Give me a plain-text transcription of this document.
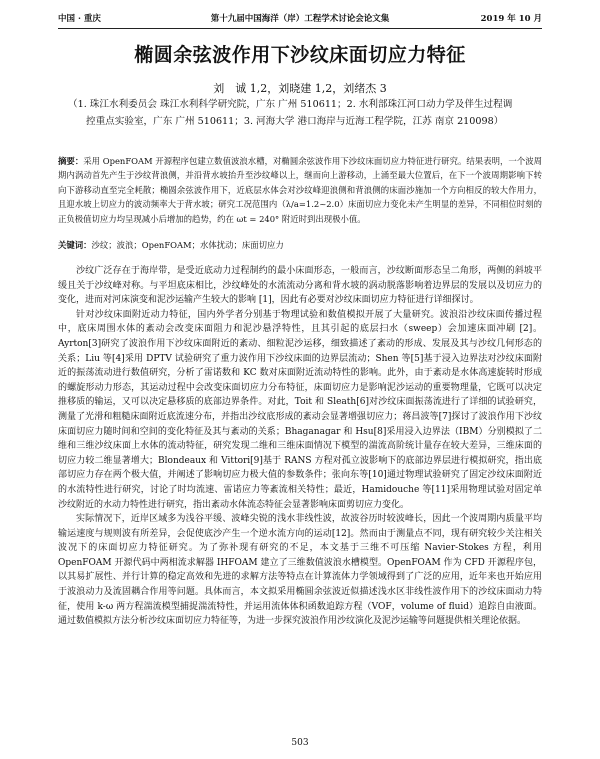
中国 · 重庆	第十九届中国海洋（岸）工程学术讨论会论文集	2019 年 10 月
椭圆余弦波作用下沙纹床面切应力特征
刘　诚 1,2，刘晓建 1,2，刘绪杰 3
（1. 珠江水利委员会 珠江水利科学研究院，广东 广州 510611；2. 水利部珠江河口动力学及伴生过程调
控重点实验室，广东 广州 510611；3. 河海大学 港口海岸与近海工程学院，江苏 南京 210098）
摘要：采用 OpenFOAM 开源程序包建立数值波浪水槽，对椭圆余弦波作用下沙纹床面切应力特征进行研究。结果表明，一个波周期内涡动首先产生于沙纹背浪侧，并沿背水坡抬升至沙纹峰以上，继而向上游移动，上涌至最大位置后，在下一个波周期影响下转向下游移动直至完全耗散；椭圆余弦波作用下，近底层水体会对沙纹峰迎浪侧和背浪侧的床面沙施加一个方向相反的较大作用力，且迎水坡上切应力的波动频率大于背水坡；研究工况范围内（λ/a=1.2~2.0）床面切应力变化未产生明显的差异，不同相位时刻的正负极值切应力均呈现减小后增加的趋势，约在 ωt = 240° 附近时到出现极小值。
关键词：沙纹；波浪；OpenFOAM；水体扰动；床面切应力

沙纹广泛存在于海岸带，是受近底动力过程制约的最小床面形态，一般而言，沙纹断面形态呈二角形，两侧的斜坡平缓且关于沙纹峰对称。与平坦底床相比，沙纹峰处的水流流动分离和背水坡的涡动脱落影响着边界层的发展以及切应力的变化，进而对河床演变和泥沙运输产生较大的影响 [1]，因此有必要对沙纹床面切应力特征进行详细探讨。

针对沙纹床面附近动力特征，国内外学者分别基于物理试验和数值模拟开展了大量研究。波浪沿沙纹床面传播过程中，底床周围水体的紊动会改变床面阻力和泥沙悬浮特性，且其引起的底层扫水（sweep）会加速床面冲刷 [2]。Ayrton[3]研究了波浪作用下沙纹床面附近的紊动、细粒泥沙运移，细致描述了紊动的形成、发展及其与沙纹几何形态的关系；Liu 等[4]采用 DPTV 试验研究了重力波作用下沙纹床面的边界层流动；Shen 等[5]基于浸入边界法对沙纹床面附近的振荡流动进行数值研究，分析了雷诺数和 KC 数对床面附近流动特性的影响。此外，由于紊动是水体高速旋转时形成的螺旋形动力形态，其运动过程中会改变床面切应力分布特征，床面切应力是影响泥沙运动的重要物理量，它既可以决定推移质的输运，又可以决定悬移质的底部边界条件。对此，Toit 和 Sleath[6]对沙纹床面振荡流进行了详细的试验研究，测量了光滑和粗糙床面附近底流速分布，并指出沙纹底形成的紊动会显著增强切应力；蒋昌波等[7]探讨了波浪作用下沙纹床面切应力随时间和空间的变化特征及其与紊动的关系；Bhaganagar 和 Hsu[8]采用浸入边界法（IBM）分别模拟了二维和三维沙纹床面上水体的流动特征，研究发现二维和三维床面情况下模型的湍流高阶统计量存在较大差异，三维床面的切应力较二维显著增大；Blondeaux 和 Vittori[9]基于 RANS 方程对孤立波影响下的底部边界层进行模拟研究，指出底部切应力存在两个极大值，并阐述了影响切应力极大值的参数条件；张向东等[10]通过物理试验研究了固定沙纹床面附近的水流特性进行研究，讨论了时均流速、雷诺应力等紊流相关特性；最近，Hamidouche 等[11]采用物理试验对固定单沙纹附近的水动力特性进行研究，指出紊动水体流态特征会显著影响床面剪切应力变化。

实际情况下，近岸区域多为浅谷平缓、波峰尖锐的浅水非线性波，故波谷历时较波峰长，因此一个波周期内质量平均输运速度与规则波有所差异，会促使底沙产生一个逆水流方向的运动[12]。然而由于测量点不同，现有研究较少关注相关波况下的床面切应力特征研究。为了弥补现有研究的不足，本文基于三维不可压缩 Navier-Stokes 方程，利用 OpenFOAM 开源代码中两相流求解器 IHFOAM 建立了三维数值波浪水槽模型。OpenFOAM 作为 CFD 开源程序包，以其易扩展性、并行计算的稳定高效和先进的求解方法等特点在计算流体力学领域得到了广泛的应用，近年来也开始应用于波浪动力及流固耦合作用等问题。具体而言，本文拟采用椭圆余弦波近似描述浅水区非线性波作用下的沙纹床面动力特征，使用 k-ω 两方程湍流模型捕捉湍流特性，并运用流体体积函数追踪方程（VOF，volume of fluid）追踪自由液面。通过数值模拟方法分析沙纹床面切应力特征等，为进一步探究波浪作用沙纹演化及泥沙运输等问题提供相关理论依据。

503
